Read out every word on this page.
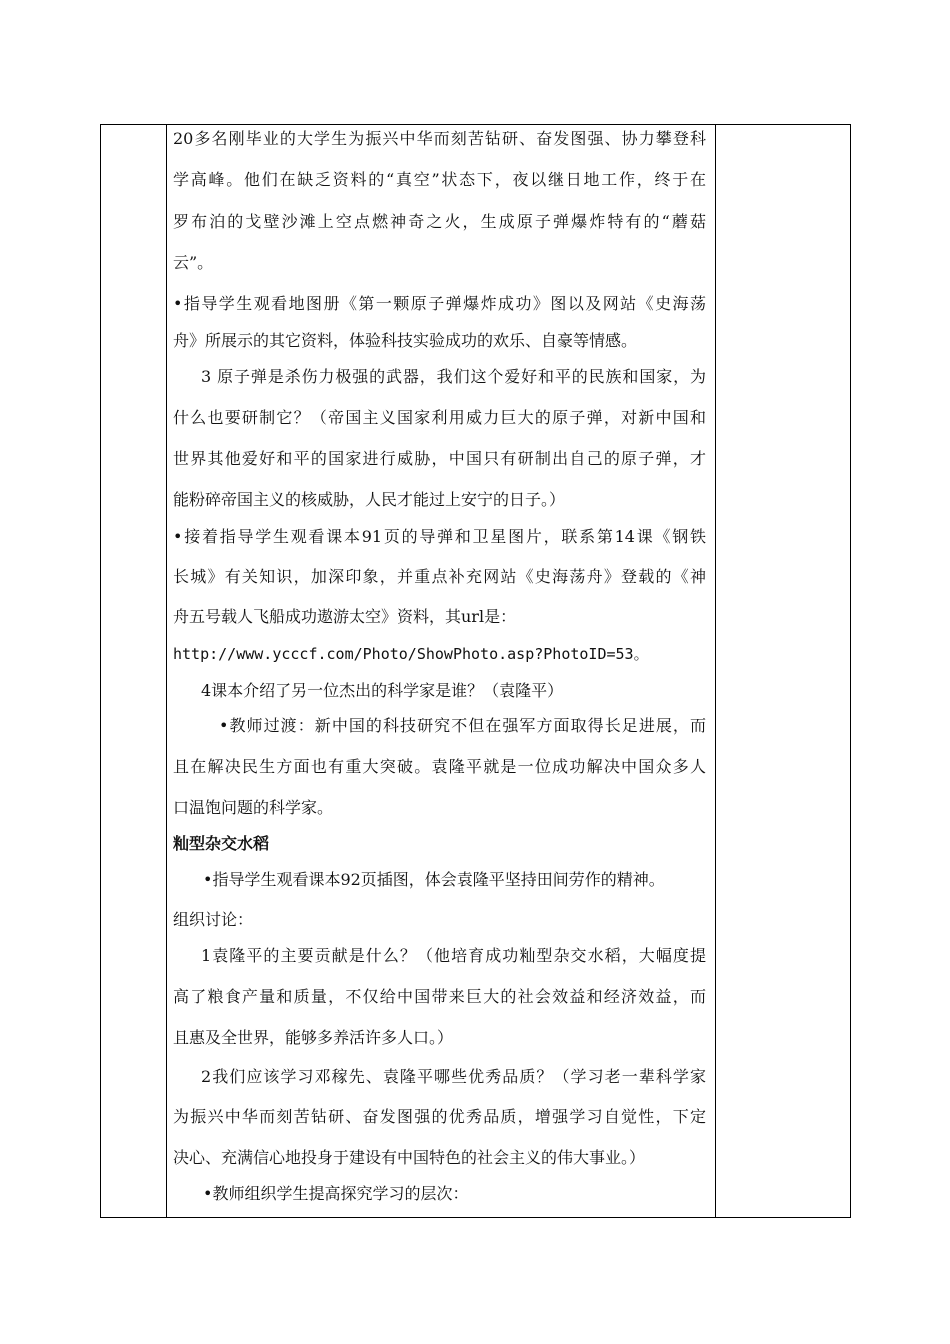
20多名刚毕业的大学生为振兴中华而刻苦钻研、奋发图强、协力攀登科
学高峰。他们在缺乏资料的“真空”状态下，夜以继日地工作，终于在
罗布泊的戈壁沙滩上空点燃神奇之火，生成原子弹爆炸特有的“蘑菇
云”。
•指导学生观看地图册《第一颗原子弹爆炸成功》图以及网站《史海荡
舟》所展示的其它资料，体验科技实验成功的欢乐、自豪等情感。
3 原子弹是杀伤力极强的武器，我们这个爱好和平的民族和国家，为
什么也要研制它？（帝国主义国家利用威力巨大的原子弹，对新中国和
世界其他爱好和平的国家进行威胁，中国只有研制出自己的原子弹，才
能粉碎帝国主义的核威胁，人民才能过上安宁的日子。）
•接着指导学生观看课本91页的导弹和卫星图片，联系第14课《钢铁
长城》有关知识，加深印象，并重点补充网站《史海荡舟》登载的《神
舟五号载人飞船成功遨游太空》资料，其url是：
http://www.ycccf.com/Photo/ShowPhoto.asp?PhotoID=53。
4课本介绍了另一位杰出的科学家是谁？（袁隆平）
•教师过渡：新中国的科技研究不但在强军方面取得长足进展，而
且在解决民生方面也有重大突破。袁隆平就是一位成功解决中国众多人
口温饱问题的科学家。
籼型杂交水稻
•指导学生观看课本92页插图，体会袁隆平坚持田间劳作的精神。
组织讨论：
1袁隆平的主要贡献是什么？（他培育成功籼型杂交水稻，大幅度提
高了粮食产量和质量，不仅给中国带来巨大的社会效益和经济效益，而
且惠及全世界，能够多养活许多人口。）
2我们应该学习邓稼先、袁隆平哪些优秀品质？（学习老一辈科学家
为振兴中华而刻苦钻研、奋发图强的优秀品质，增强学习自觉性，下定
决心、充满信心地投身于建设有中国特色的社会主义的伟大事业。）
•教师组织学生提高探究学习的层次：
